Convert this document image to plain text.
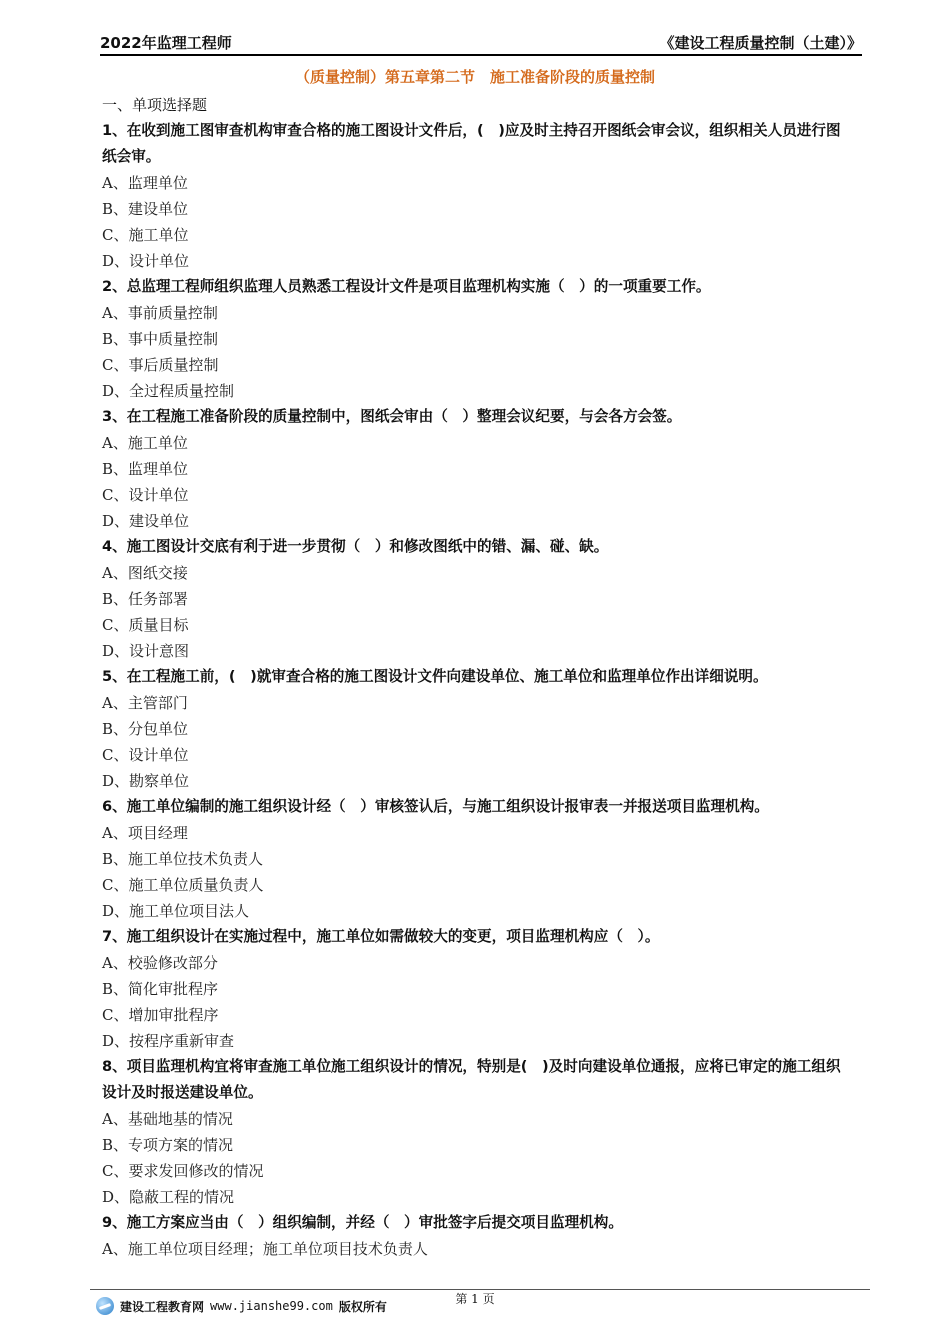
2022年监理工程师	《建设工程质量控制（土建）》
（质量控制）第五章第二节　施工准备阶段的质量控制
一、单项选择题
1、在收到施工图审查机构审查合格的施工图设计文件后，(　)应及时主持召开图纸会审会议，组织相关人员进行图纸会审。
A、监理单位
B、建设单位
C、施工单位
D、设计单位
2、总监理工程师组织监理人员熟悉工程设计文件是项目监理机构实施（　）的一项重要工作。
A、事前质量控制
B、事中质量控制
C、事后质量控制
D、全过程质量控制
3、在工程施工准备阶段的质量控制中，图纸会审由（　）整理会议纪要，与会各方会签。
A、施工单位
B、监理单位
C、设计单位
D、建设单位
4、施工图设计交底有利于进一步贯彻（　）和修改图纸中的错、漏、碰、缺。
A、图纸交接
B、任务部署
C、质量目标
D、设计意图
5、在工程施工前，(　)就审查合格的施工图设计文件向建设单位、施工单位和监理单位作出详细说明。
A、主管部门
B、分包单位
C、设计单位
D、勘察单位
6、施工单位编制的施工组织设计经（　）审核签认后，与施工组织设计报审表一并报送项目监理机构。
A、项目经理
B、施工单位技术负责人
C、施工单位质量负责人
D、施工单位项目法人
7、施工组织设计在实施过程中，施工单位如需做较大的变更，项目监理机构应（　）。
A、校验修改部分
B、简化审批程序
C、增加审批程序
D、按程序重新审查
8、项目监理机构宜将审查施工单位施工组织设计的情况，特别是(　)及时向建设单位通报，应将已审定的施工组织设计及时报送建设单位。
A、基础地基的情况
B、专项方案的情况
C、要求发回修改的情况
D、隐蔽工程的情况
9、施工方案应当由（　）组织编制，并经（　）审批签字后提交项目监理机构。
A、施工单位项目经理；施工单位项目技术负责人
第 1 页
建设工程教育网 www.jianshe99.com 版权所有
